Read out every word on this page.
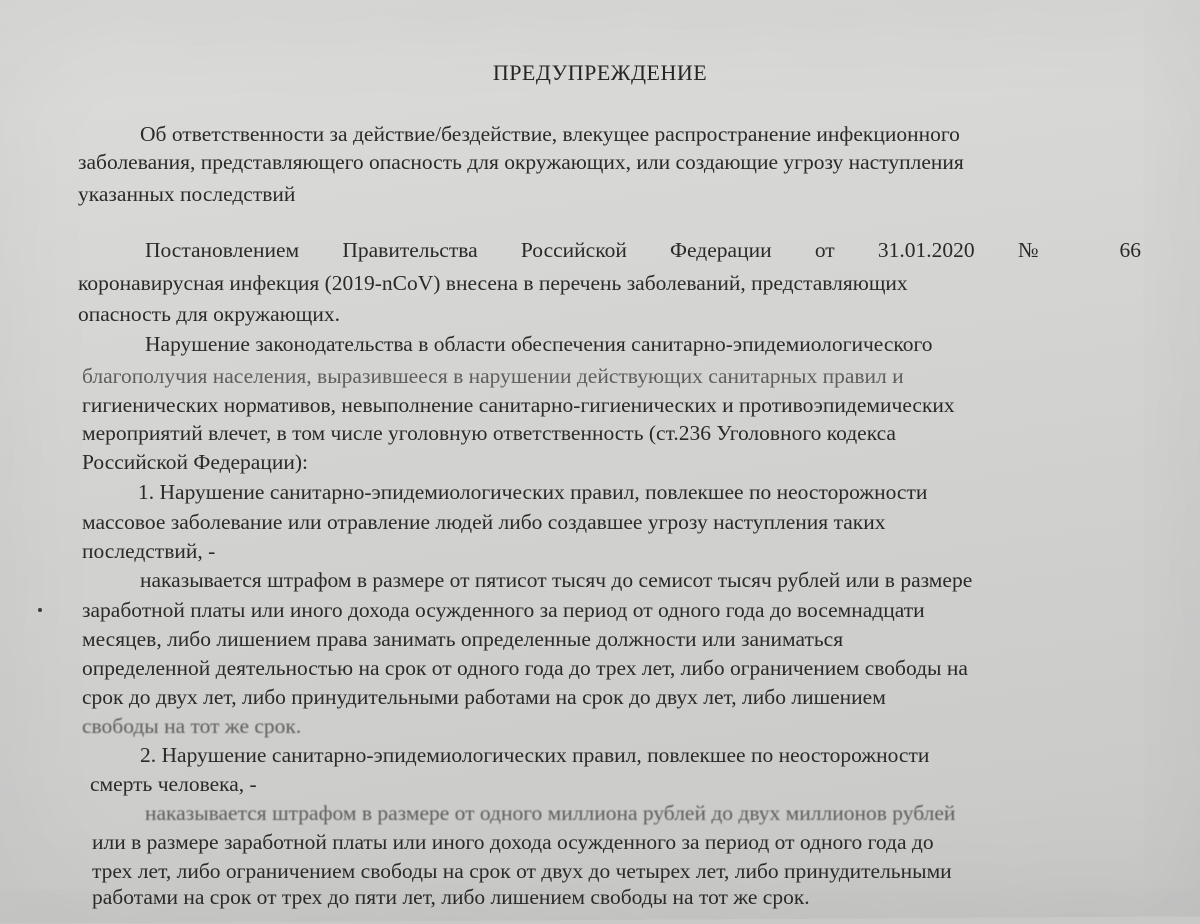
ПРЕДУПРЕЖДЕНИЕ
Об ответственности за действие/бездействие, влекущее распространение инфекционного
заболевания, представляющего опасность для окружающих, или создающие угрозу наступления
указанных последствий
Постановлением Правительства Российской Федерации от 31.01.2020 № 66
коронавирусная инфекция (2019-nCoV) внесена в перечень заболеваний, представляющих
опасность для окружающих.
Нарушение законодательства в области обеспечения санитарно-эпидемиологического
благополучия населения, выразившееся в нарушении действующих санитарных правил и
гигиенических нормативов, невыполнение санитарно-гигиенических и противоэпидемических
мероприятий влечет, в том числе уголовную ответственность (ст.236 Уголовного кодекса
Российской Федерации):
1. Нарушение санитарно-эпидемиологических правил, повлекшее по неосторожности
массовое заболевание или отравление людей либо создавшее угрозу наступления таких
последствий, -
наказывается штрафом в размере от пятисот тысяч до семисот тысяч рублей или в размере
заработной платы или иного дохода осужденного за период от одного года до восемнадцати
месяцев, либо лишением права занимать определенные должности или заниматься
определенной деятельностью на срок от одного года до трех лет, либо ограничением свободы на
срок до двух лет, либо принудительными работами на срок до двух лет, либо лишением
свободы на тот же срок.
2. Нарушение санитарно-эпидемиологических правил, повлекшее по неосторожности
смерть человека, -
наказывается штрафом в размере от одного миллиона рублей до двух миллионов рублей
или в размере заработной платы или иного дохода осужденного за период от одного года до
трех лет, либо ограничением свободы на срок от двух до четырех лет, либо принудительными
работами на срок от трех до пяти лет, либо лишением свободы на тот же срок.
